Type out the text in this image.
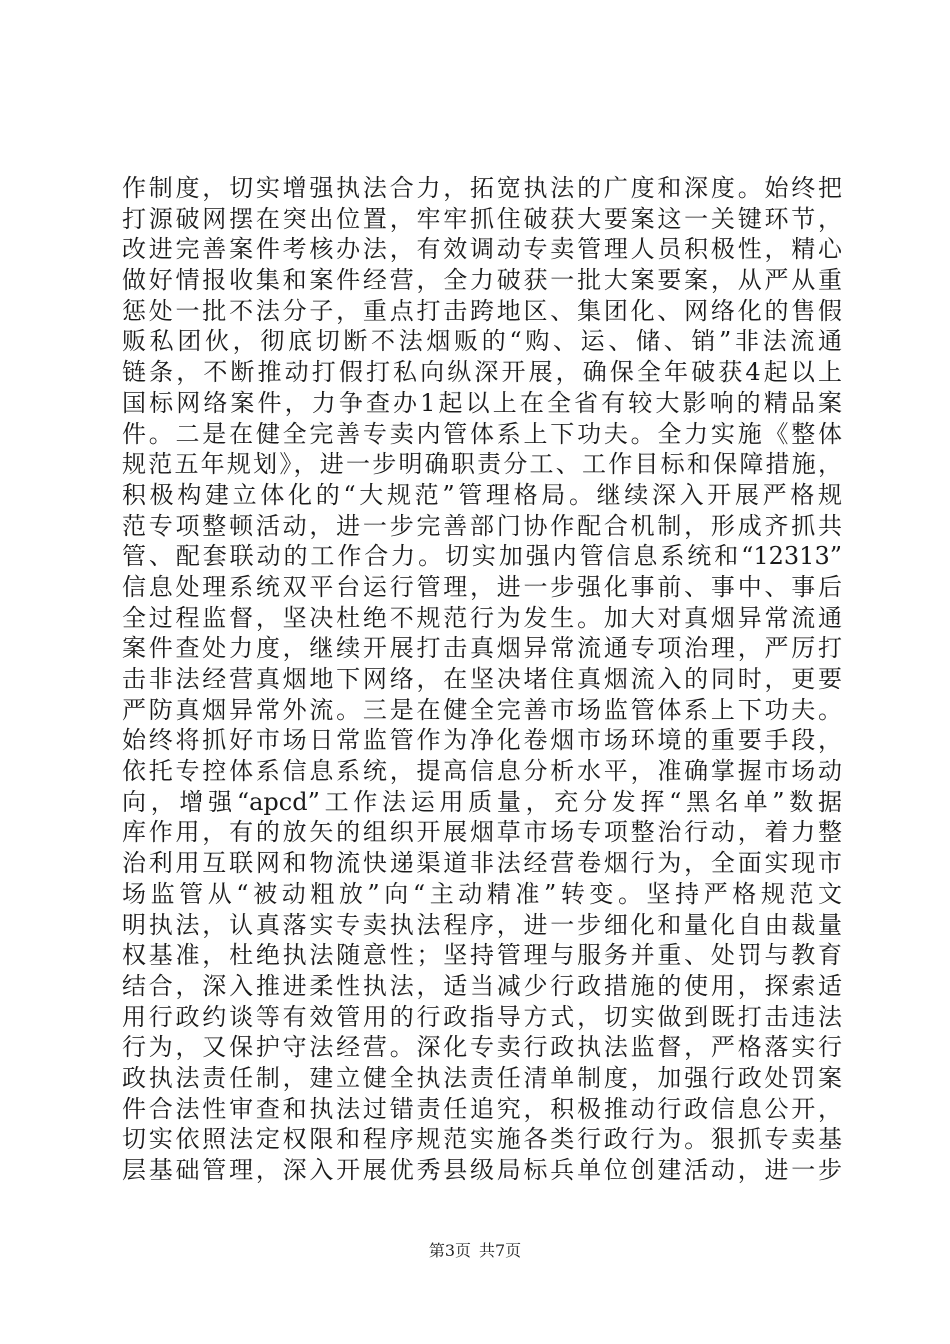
作制度，切实增强执法合力，拓宽执法的广度和深度。始终把
打源破网摆在突出位置，牢牢抓住破获大要案这一关键环节，
改进完善案件考核办法，有效调动专卖管理人员积极性，精心
做好情报收集和案件经营，全力破获一批大案要案，从严从重
惩处一批不法分子，重点打击跨地区、集团化、网络化的售假
贩私团伙，彻底切断不法烟贩的“购、运、储、销”非法流通
链条，不断推动打假打私向纵深开展，确保全年破获4起以上
国标网络案件，力争查办1起以上在全省有较大影响的精品案
件。二是在健全完善专卖内管体系上下功夫。全力实施《整体
规范五年规划》，进一步明确职责分工、工作目标和保障措施，
积极构建立体化的“大规范”管理格局。继续深入开展严格规
范专项整顿活动，进一步完善部门协作配合机制，形成齐抓共
管、配套联动的工作合力。切实加强内管信息系统和“12313”
信息处理系统双平台运行管理，进一步强化事前、事中、事后
全过程监督，坚决杜绝不规范行为发生。加大对真烟异常流通
案件查处力度，继续开展打击真烟异常流通专项治理，严厉打
击非法经营真烟地下网络，在坚决堵住真烟流入的同时，更要
严防真烟异常外流。三是在健全完善市场监管体系上下功夫。
始终将抓好市场日常监管作为净化卷烟市场环境的重要手段，
依托专控体系信息系统，提高信息分析水平，准确掌握市场动
向，增强“apcd”工作法运用质量，充分发挥“黑名单”数据
库作用，有的放矢的组织开展烟草市场专项整治行动，着力整
治利用互联网和物流快递渠道非法经营卷烟行为，全面实现市
场监管从“被动粗放”向“主动精准”转变。坚持严格规范文
明执法，认真落实专卖执法程序，进一步细化和量化自由裁量
权基准，杜绝执法随意性；坚持管理与服务并重、处罚与教育
结合，深入推进柔性执法，适当减少行政措施的使用，探索适
用行政约谈等有效管用的行政指导方式，切实做到既打击违法
行为，又保护守法经营。深化专卖行政执法监督，严格落实行
政执法责任制，建立健全执法责任清单制度，加强行政处罚案
件合法性审查和执法过错责任追究，积极推动行政信息公开，
切实依照法定权限和程序规范实施各类行政行为。狠抓专卖基
层基础管理，深入开展优秀县级局标兵单位创建活动，进一步
第3页 共7页
